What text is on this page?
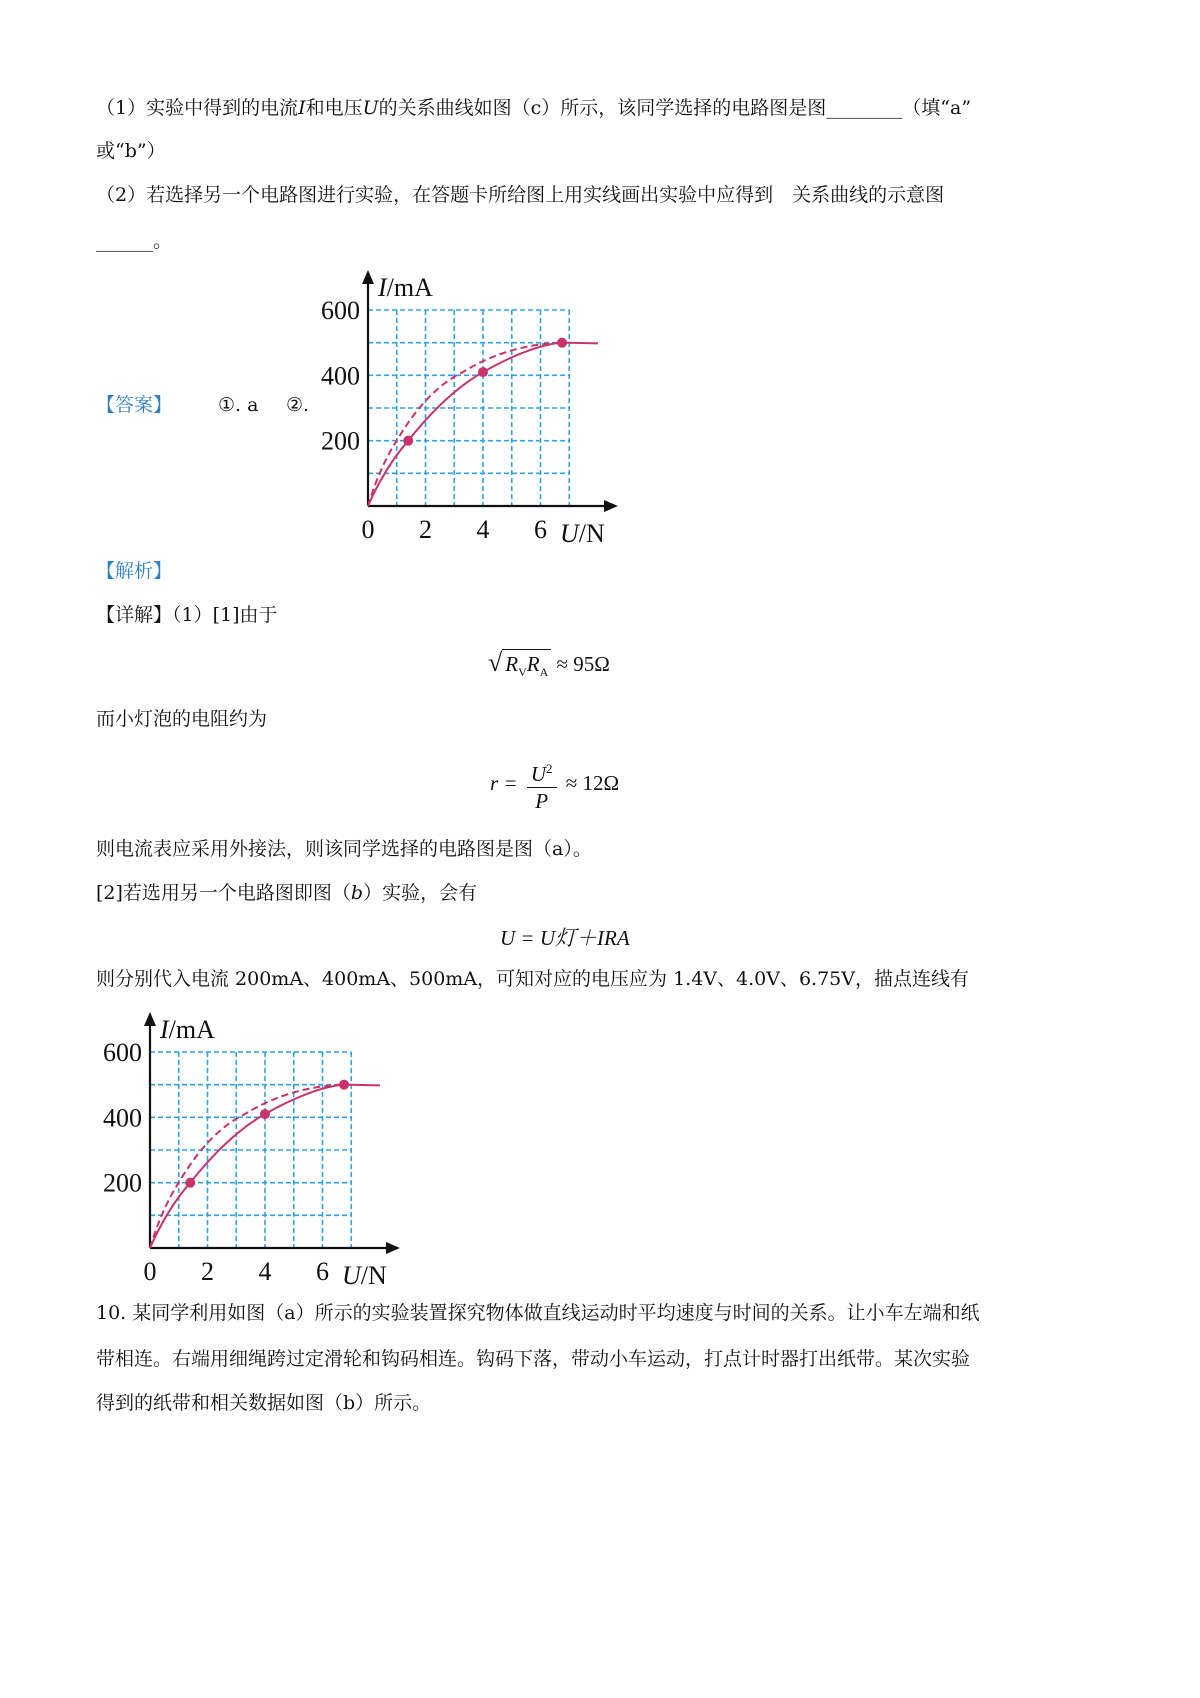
（1）实验中得到的电流I和电压U的关系曲线如图（c）所示，该同学选择的电路图是图________（填“a”
或“b”）
（2）若选择另一个电路图进行实验，在答题卡所给图上用实线画出实验中应得到　关系曲线的示意图
______。
【答案】 ①. a ②.
I/mA
U/N
200
400
600
0 2 4 6
【解析】
【详解】（1）[1]由于
√ $R_VR_A \approx 95\Omega$
而小灯泡的电阻约为
$r = \frac{U^2}{P} \approx 12\Omega$
则电流表应采用外接法，则该同学选择的电路图是图（a）。
[2]若选用另一个电路图即图（b）实验，会有
U = U灯＋IRA
则分别代入电流 200mA、400mA、500mA，可知对应的电压应为 1.4V、4.0V、6.75V，描点连线有
I/mA
U/N
200
400
600
0 2 4 6
10. 某同学利用如图（a）所示的实验装置探究物体做直线运动时平均速度与时间的关系。让小车左端和纸
带相连。右端用细绳跨过定滑轮和钩码相连。钩码下落，带动小车运动，打点计时器打出纸带。某次实验
得到的纸带和相关数据如图（b）所示。
